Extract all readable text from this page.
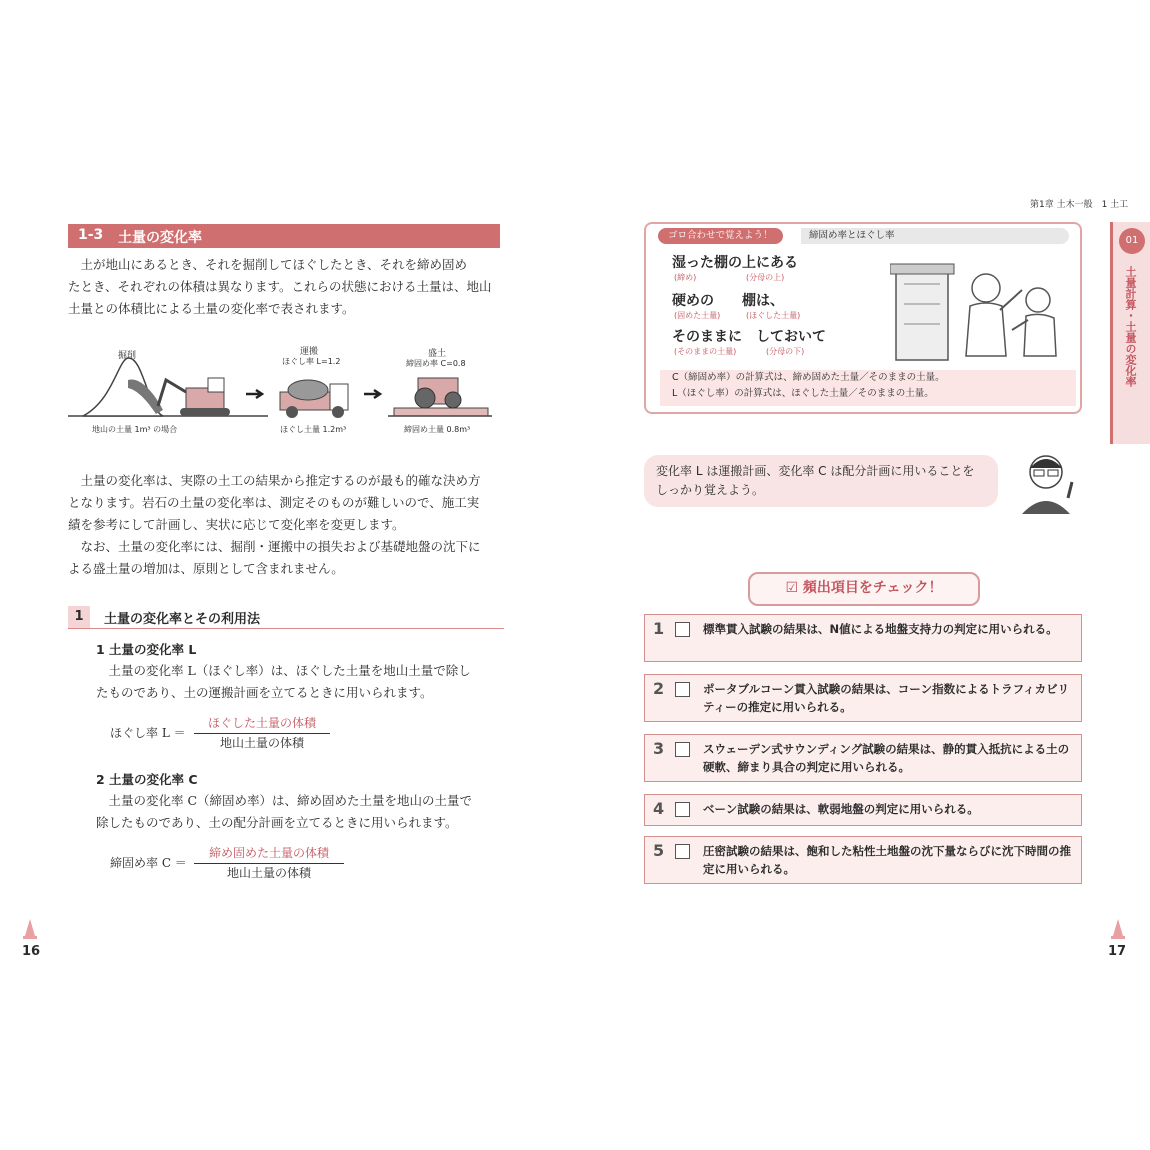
1-3 土量の変化率
土が地山にあるとき、それを掘削してほぐしたとき、それを締め固め
たとき、それぞれの体積は異なります。これらの状態における土量は、地山
土量との体積比による土量の変化率で表されます。
掘削	運搬
ほぐし率 L=1.2
盛土
締固め率 C=0.8
地山の土量 1m³ の場合	ほぐし土量 1.2m³	締固め土量 0.8m³
土量の変化率は、実際の土工の結果から推定するのが最も的確な決め方
となります。岩石の土量の変化率は、測定そのものが難しいので、施工実
績を参考にして計画し、実状に応じて変化率を変更します。
なお、土量の変化率には、掘削・運搬中の損失および基礎地盤の沈下に
よる盛土量の増加は、原則として含まれません。
1	土量の変化率とその利用法
1 土量の変化率 L
土量の変化率 L（ほぐし率）は、ほぐした土量を地山土量で除し
たものであり、土の運搬計画を立てるときに用いられます。
ほぐし率 L ＝
ほぐした土量の体積
地山土量の体積
2 土量の変化率 C
土量の変化率 C（締固め率）は、締め固めた土量を地山の土量で
除したものであり、土の配分計画を立てるときに用いられます。
締固め率 C ＝
締め固めた土量の体積
地山土量の体積
16
第1章 土木一般　1 土工
01
土量計算・土量の変化率
ゴロ合わせで覚えよう！	締固め率とほぐし率
湿った棚の上にある
(締め)	(分母の上)
硬めの　　棚は、
(固めた土量)	(ほぐした土量)
そのままに　しておいて
(そのままの土量)	(分母の下)
C（締固め率）の計算式は、締め固めた土量／そのままの土量。
L（ほぐし率）の計算式は、ほぐした土量／そのままの土量。
変化率 L は運搬計画、変化率 C は配分計画に用いることを
しっかり覚えよう。
☑ 頻出項目をチェック！
1	標準貫入試験の結果は、N値による地盤支持力の判定に用いられる。
2	ポータブルコーン貫入試験の結果は、コーン指数によるトラフィカビリティーの推定に用いられる。
3	スウェーデン式サウンディング試験の結果は、静的貫入抵抗による土の硬軟、締まり具合の判定に用いられる。
4	ベーン試験の結果は、軟弱地盤の判定に用いられる。
5	圧密試験の結果は、飽和した粘性土地盤の沈下量ならびに沈下時間の推定に用いられる。
17
